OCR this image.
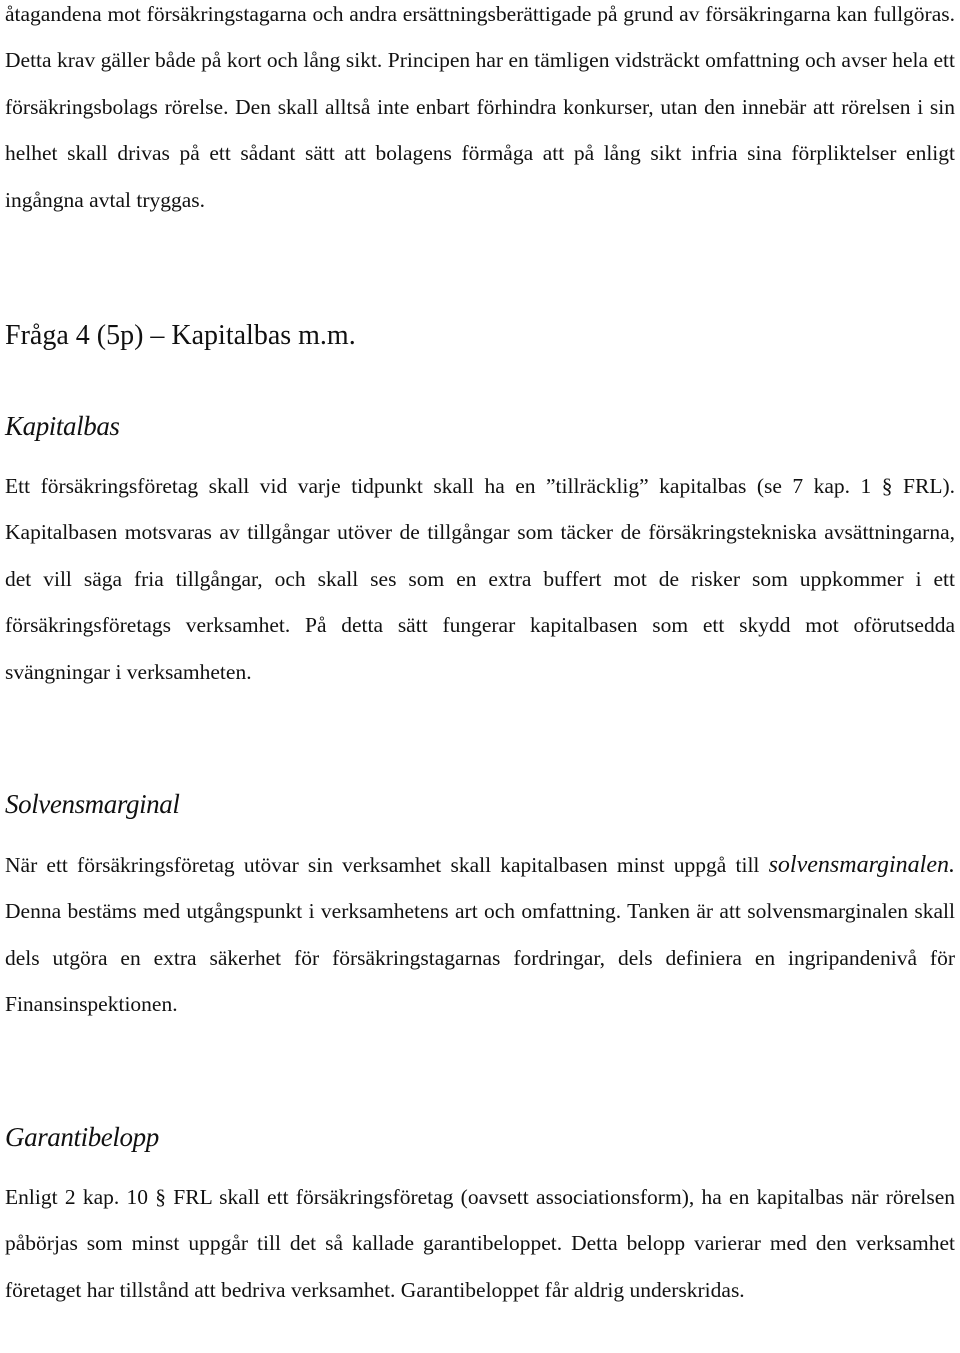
åtagandena mot försäkringstagarna och andra ersättningsberättigade på grund av försäkringarna kan fullgöras. Detta krav gäller både på kort och lång sikt. Principen har en tämligen vidsträckt omfattning och avser hela ett försäkringsbolags rörelse. Den skall alltså inte enbart förhindra konkurser, utan den innebär att rörelsen i sin helhet skall drivas på ett sådant sätt att bolagens förmåga att på lång sikt infria sina förpliktelser enligt ingångna avtal tryggas.

Fråga 4 (5p) – Kapitalbas m.m.
Kapitalbas

Ett försäkringsföretag skall vid varje tidpunkt skall ha en ”tillräcklig” kapitalbas (se 7 kap. 1 § FRL). Kapitalbasen motsvaras av tillgångar utöver de tillgångar som täcker de försäkringstekniska avsättningarna, det vill säga fria tillgångar, och skall ses som en extra buffert mot de risker som uppkommer i ett försäkringsföretags verksamhet. På detta sätt fungerar kapitalbasen som ett skydd mot oförutsedda svängningar i verksamheten.

Solvensmarginal

När ett försäkringsföretag utövar sin verksamhet skall kapitalbasen minst uppgå till solvensmarginalen. Denna bestäms med utgångspunkt i verksamhetens art och omfattning. Tanken är att solvensmarginalen skall dels utgöra en extra säkerhet för försäkringstagarnas fordringar, dels definiera en ingripandenivå för Finansinspektionen.

Garantibelopp

Enligt 2 kap. 10 § FRL skall ett försäkringsföretag (oavsett associationsform), ha en kapitalbas när rörelsen påbörjas som minst uppgår till det så kallade garantibeloppet. Detta belopp varierar med den verksamhet företaget har tillstånd att bedriva verksamhet. Garantibeloppet får aldrig underskridas.
